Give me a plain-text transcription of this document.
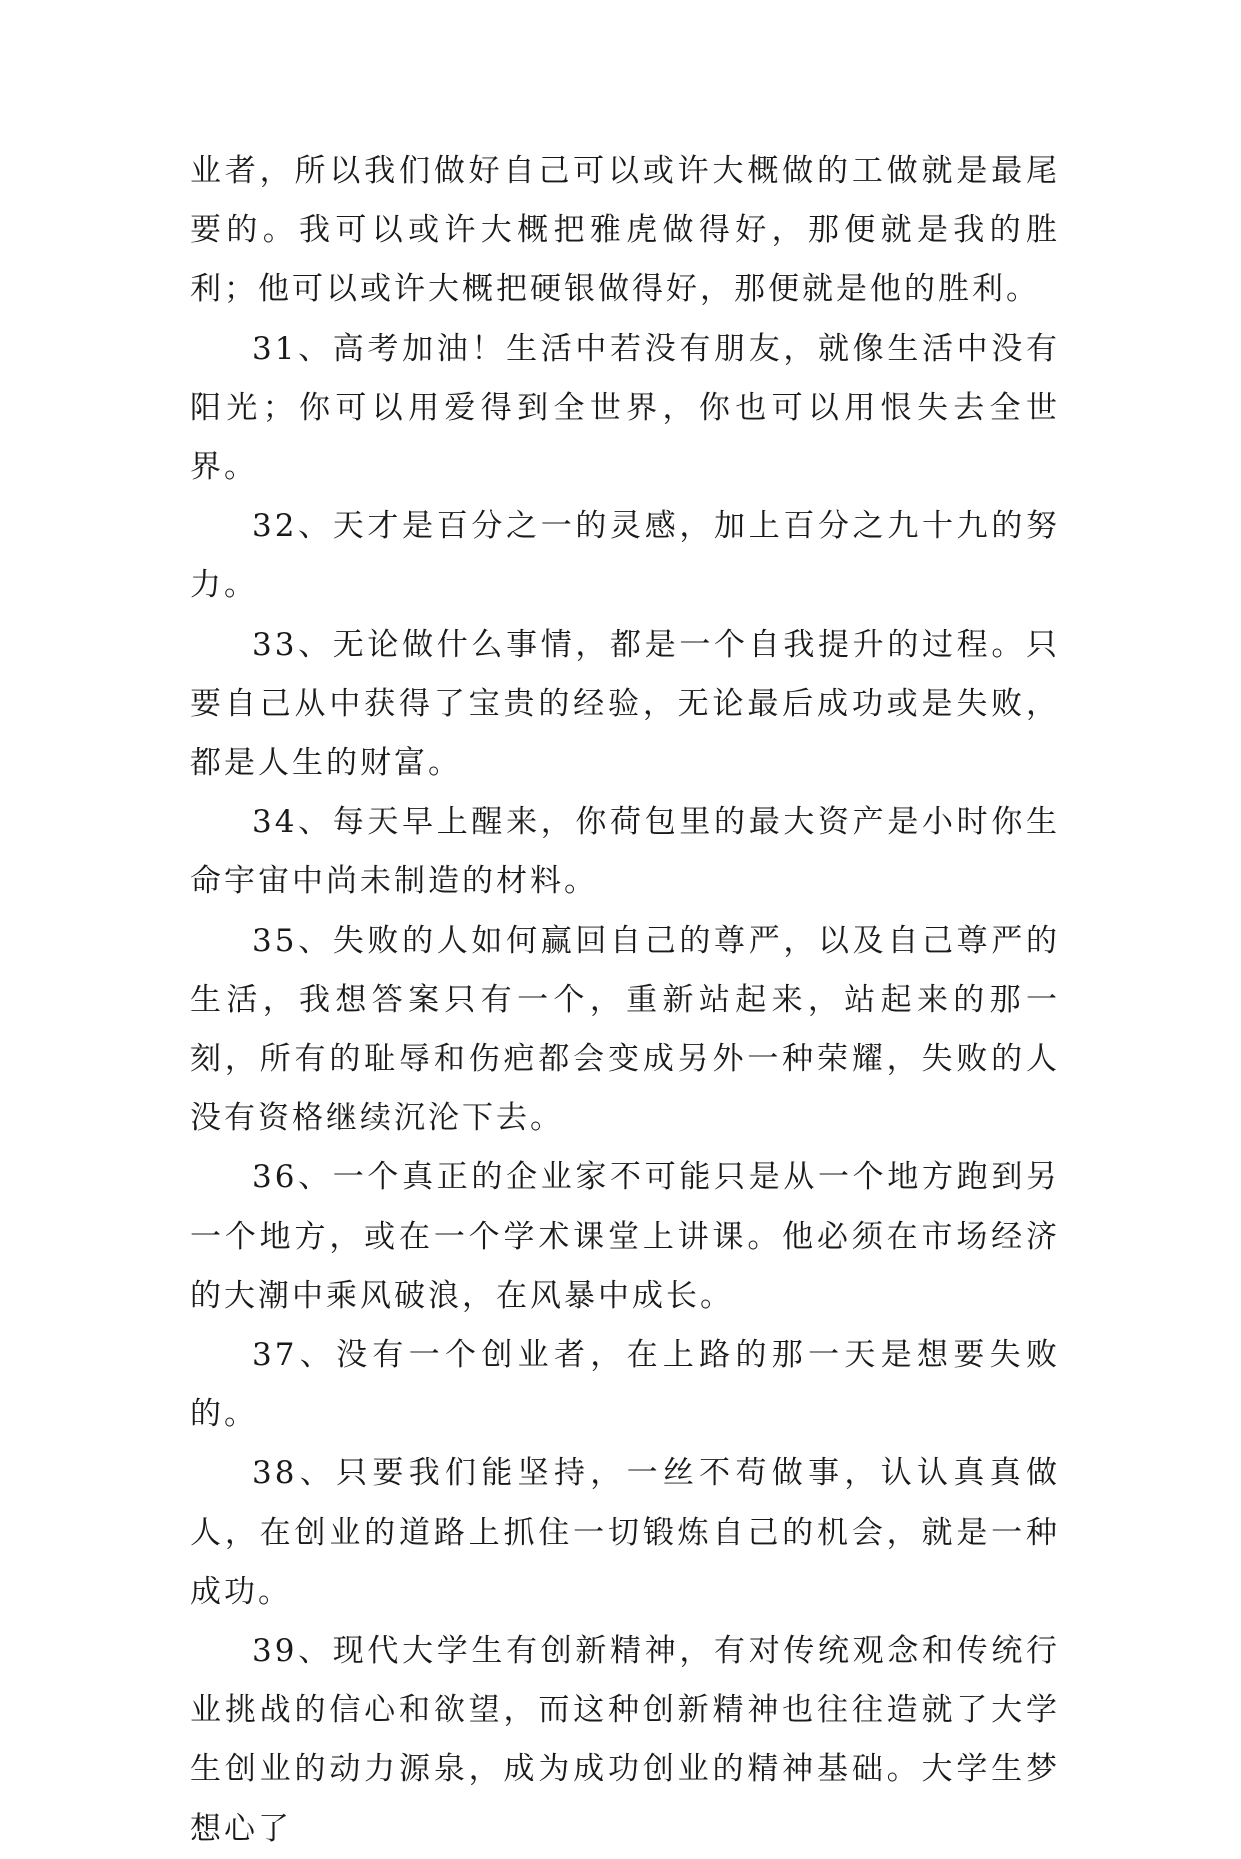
业者，所以我们做好自己可以或许大概做的工做就是最尾要的。我可以或许大概把雅虎做得好，那便就是我的胜利；他可以或许大概把硬银做得好，那便就是他的胜利。

31、高考加油！生活中若没有朋友，就像生活中没有阳光；你可以用爱得到全世界，你也可以用恨失去全世界。

32、天才是百分之一的灵感，加上百分之九十九的努力。

33、无论做什么事情，都是一个自我提升的过程。只要自己从中获得了宝贵的经验，无论最后成功或是失败，都是人生的财富。

34、每天早上醒来，你荷包里的最大资产是小时你生命宇宙中尚未制造的材料。

35、失败的人如何赢回自己的尊严，以及自己尊严的生活，我想答案只有一个，重新站起来，站起来的那一刻，所有的耻辱和伤疤都会变成另外一种荣耀，失败的人没有资格继续沉沦下去。

36、一个真正的企业家不可能只是从一个地方跑到另一个地方，或在一个学术课堂上讲课。他必须在市场经济的大潮中乘风破浪，在风暴中成长。

37、没有一个创业者，在上路的那一天是想要失败的。

38、只要我们能坚持，一丝不苟做事，认认真真做人，在创业的道路上抓住一切锻炼自己的机会，就是一种成功。

39、现代大学生有创新精神，有对传统观念和传统行业挑战的信心和欲望，而这种创新精神也往往造就了大学生创业的动力源泉，成为成功创业的精神基础。大学生梦想心了
